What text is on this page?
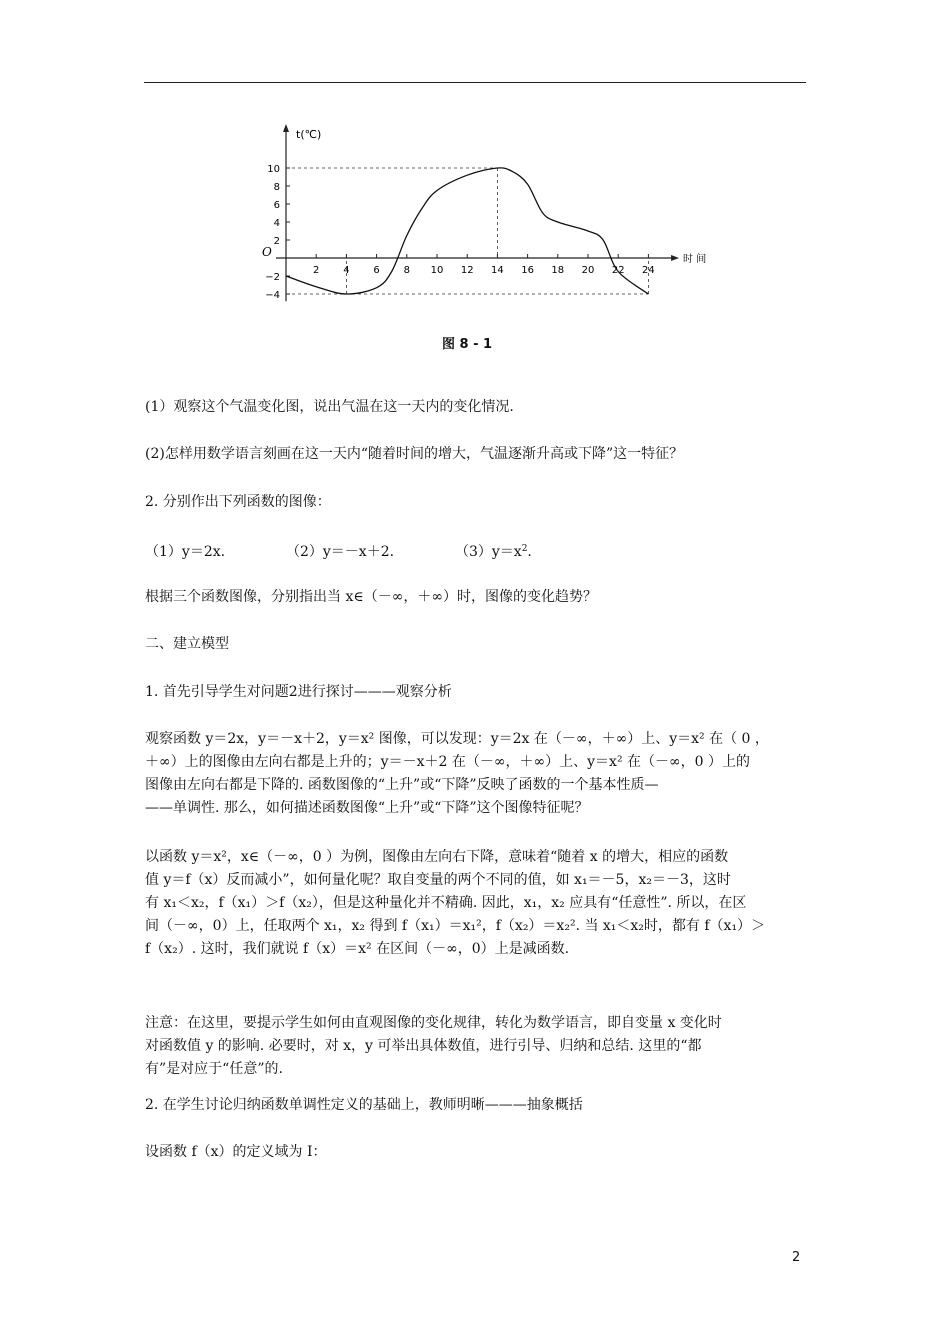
2 4 6 8 10 12 14 16 18 20 22 24
−4
−2
2
4
6
8
10
O
t(℃)
时 间
图 8 - 1
(1）观察这个气温变化图，说出气温在这一天内的变化情况.
(2)怎样用数学语言刻画在这一天内“随着时间的增大，气温逐渐升高或下降”这一特征？
2. 分别作出下列函数的图像：
（1）y＝2x.	（2）y＝－x＋2.	$(3)y=x^2$.
根据三个函数图像，分别指出当 x∈（－∞，＋∞）时，图像的变化趋势？
二、建立模型
1. 首先引导学生对问题2进行探讨———观察分析
观察函数 y＝2x，y＝－x＋2，y＝x² 图像，可以发现：y＝2x 在（－∞，＋∞）上、y＝x² 在（ 0 ，
＋∞）上的图像由左向右都是上升的；y＝－x＋2 在（－∞，＋∞）上、y＝x² 在（－∞，0 ）上的
图像由左向右都是下降的. 函数图像的“上升”或“下降”反映了函数的一个基本性质—
——单调性. 那么，如何描述函数图像“上升”或“下降”这个图像特征呢？
以函数 y＝x²，x∈（－∞，0 ）为例，图像由左向右下降，意味着“随着 x 的增大，相应的函数
值 y＝f（x）反而减小”，如何量化呢？取自变量的两个不同的值，如 x₁＝－5，x₂＝－3，这时
有 x₁＜x₂，f（x₁）＞f（x₂），但是这种量化并不精确. 因此，x₁，x₂ 应具有“任意性”. 所以，在区
间（－∞，0）上，任取两个 x₁，x₂ 得到 f（x₁）＝x₁²，f（x₂）＝x₂². 当 x₁＜x₂时，都有 f（x₁）＞
f（x₂）. 这时，我们就说 f（x）＝x² 在区间（－∞，0）上是减函数.
注意：在这里，要提示学生如何由直观图像的变化规律，转化为数学语言，即自变量 x 变化时
对函数值 y 的影响. 必要时，对 x，y 可举出具体数值，进行引导、归纳和总结. 这里的“都
有”是对应于“任意”的.
2. 在学生讨论归纳函数单调性定义的基础上，教师明晰———抽象概括
设函数 f（x）的定义域为 I：
2
